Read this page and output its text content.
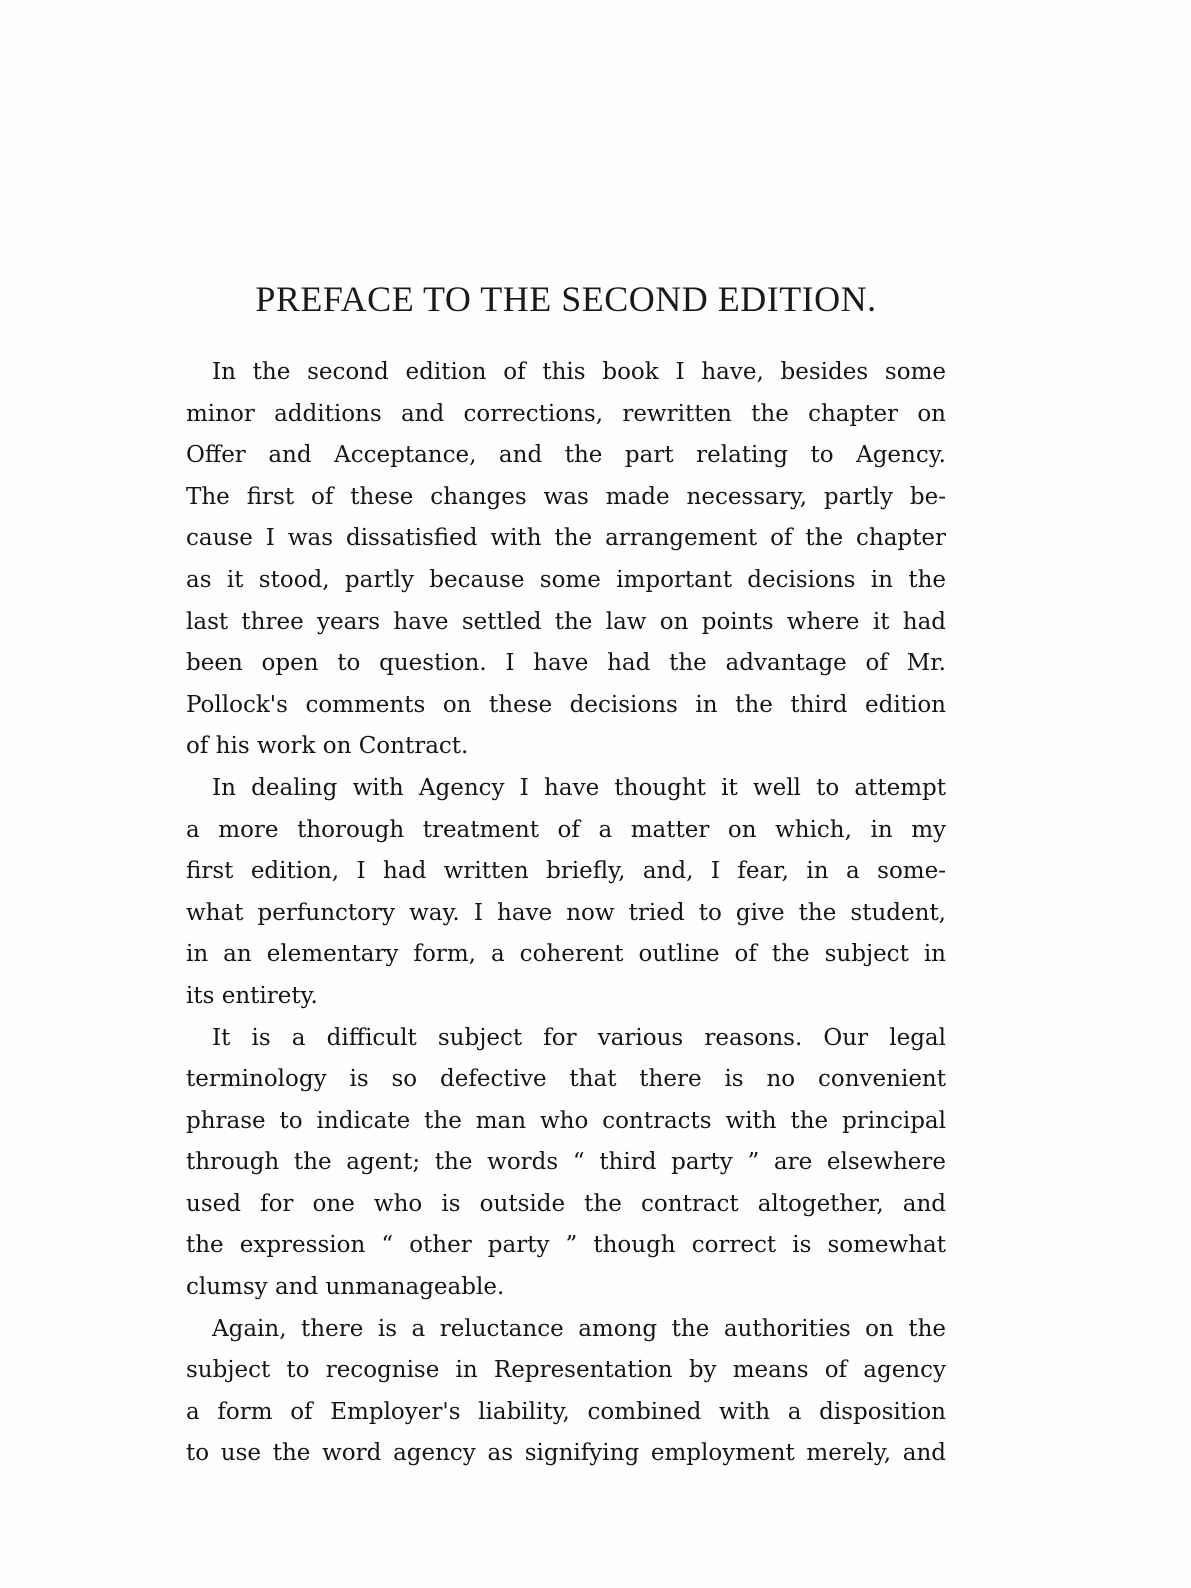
PREFACE TO THE SECOND EDITION.
In the second edition of this book I have, besides some
minor additions and corrections, rewritten the chapter on
Offer and Acceptance, and the part relating to Agency.
The first of these changes was made necessary, partly be-
cause I was dissatisfied with the arrangement of the chapter
as it stood, partly because some important decisions in the
last three years have settled the law on points where it had
been open to question. I have had the advantage of Mr.
Pollock's comments on these decisions in the third edition
of his work on Contract.
In dealing with Agency I have thought it well to attempt
a more thorough treatment of a matter on which, in my
first edition, I had written briefly, and, I fear, in a some-
what perfunctory way. I have now tried to give the student,
in an elementary form, a coherent outline of the subject in
its entirety.
It is a difficult subject for various reasons. Our legal
terminology is so defective that there is no convenient
phrase to indicate the man who contracts with the principal
through the agent; the words “ third party ” are elsewhere
used for one who is outside the contract altogether, and
the expression “ other party ” though correct is somewhat
clumsy and unmanageable.
Again, there is a reluctance among the authorities on the
subject to recognise in Representation by means of agency
a form of Employer's liability, combined with a disposition
to use the word agency as signifying employment merely, and
